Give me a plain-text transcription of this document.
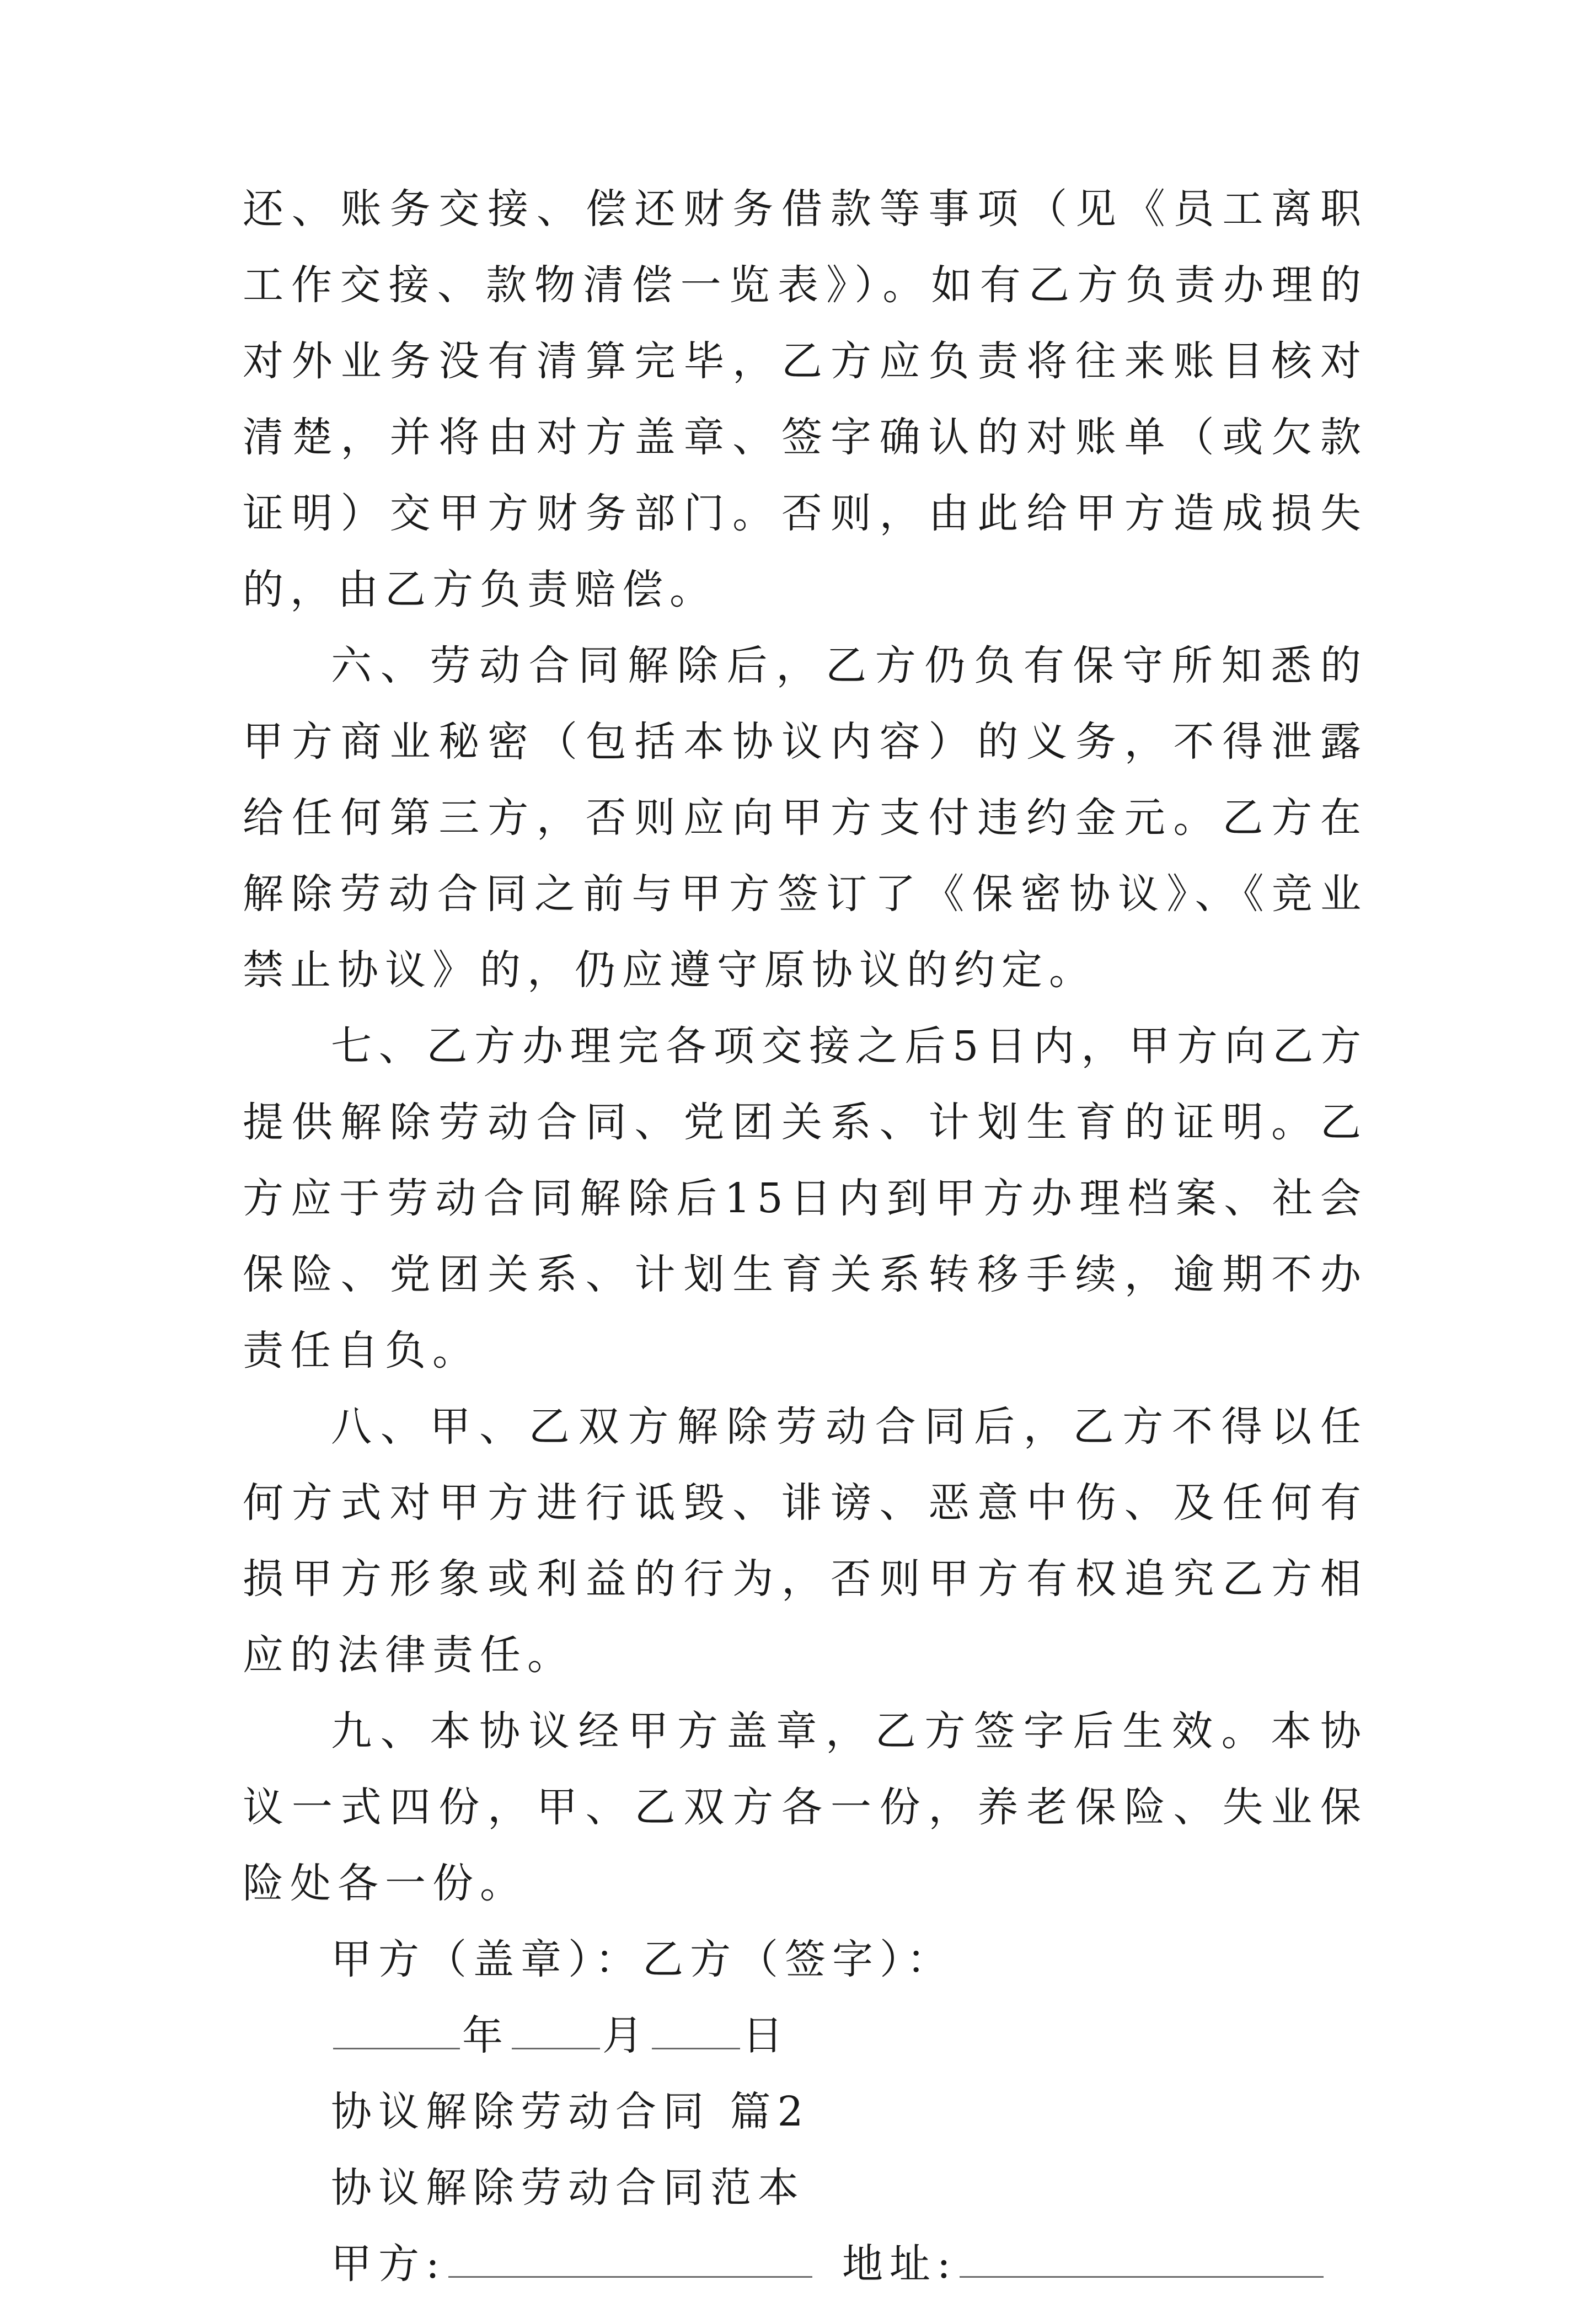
还、账务交接、偿还财务借款等事项（见《员工离职工作交接、款物清偿一览表》）。如有乙方负责办理的对外业务没有清算完毕，乙方应负责将往来账目核对清楚，并将由对方盖章、签字确认的对账单（或欠款证明）交甲方财务部门。否则，由此给甲方造成损失的，由乙方负责赔偿。

六、劳动合同解除后，乙方仍负有保守所知悉的甲方商业秘密（包括本协议内容）的义务，不得泄露给任何第三方，否则应向甲方支付违约金元。乙方在解除劳动合同之前与甲方签订了《保密协议》、《竞业禁止协议》的，仍应遵守原协议的约定。

七、乙方办理完各项交接之后5日内，甲方向乙方提供解除劳动合同、党团关系、计划生育的证明。乙方应于劳动合同解除后15日内到甲方办理档案、社会保险、党团关系、计划生育关系转移手续，逾期不办责任自负。

八、甲、乙双方解除劳动合同后，乙方不得以任何方式对甲方进行诋毁、诽谤、恶意中伤、及任何有损甲方形象或利益的行为，否则甲方有权追究乙方相应的法律责任。

九、本协议经甲方盖章，乙方签字后生效。本协议一式四份，甲、乙双方各一份，养老保险、失业保险处各一份。

甲方（盖章）：乙方（签字）：

年 月 日

协议解除劳动合同 篇2

协议解除劳动合同范本

甲方:	地址:
